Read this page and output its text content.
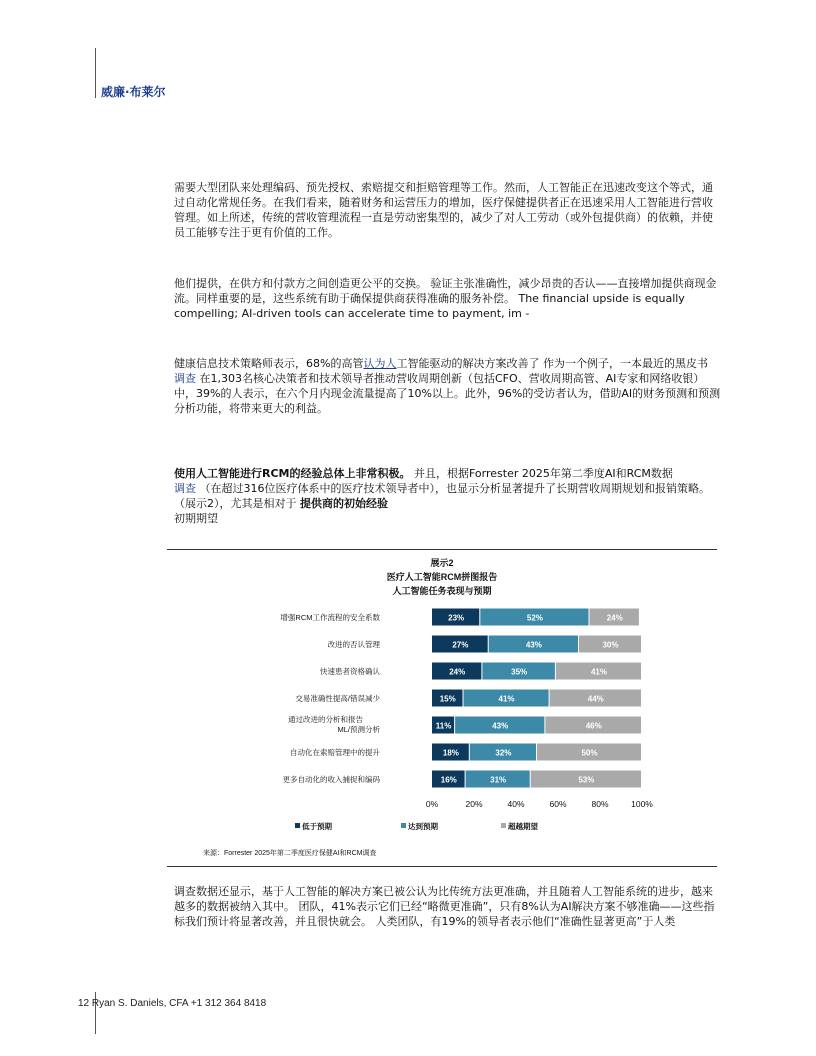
威廉·布莱尔

需要大型团队来处理编码、预先授权、索赔提交和拒赔管理等工作。然而，人工智能正在迅速改变这个等式，通过自动化常规任务。在我们看来，随着财务和运营压力的增加，医疗保健提供者正在迅速采用人工智能进行营收管理。如上所述，传统的营收管理流程一直是劳动密集型的，减少了对人工劳动（或外包提供商）的依赖，并使员工能够专注于更有价值的工作。

他们提供，在供方和付款方之间创造更公平的交换。 验证主张准确性，减少昂贵的否认——直接增加提供商现金流。同样重要的是，这些系统有助于确保提供商获得准确的服务补偿。 The financial upside is equally compelling; AI-driven tools can accelerate time to payment, im -

健康信息技术策略师表示，68%的高管认为人工智能驱动的解决方案改善了 作为一个例子，一本最近的黑皮书

调查 在1,303名核心决策者和技术领导者推动营收周期创新（包括CFO、营收周期高管、AI专家和网络收银）中，39%的人表示，在六个月内现金流量提高了10%以上。此外，96%的受访者认为，借助AI的财务预测和预测分析功能，将带来更大的利益。

使用人工智能进行RCM的经验总体上非常积极。 并且，根据Forrester 2025年第二季度AI和RCM数据

调查 （在超过316位医疗体系中的医疗技术领导者中），也显示分析显著提升了长期营收周期规划和报销策略。（展示2），尤其是相对于 提供商的初始经验

初期期望

展示2
医疗人工智能RCM拼图报告
人工智能任务表现与预期
增强RCM工作流程的安全系数	23%	52%	24%
改进的否认管理	27%	43%	30%
快速患者资格确认	24%	35%	41%
交易准确性提高/错误减少	15%	41%	44%
通过改进的分析和报告
ML/预测分析	11%	43%	46%
自动化在索赔管理中的提升	18%	32%	50%
更多自动化的收入捕捉和编码	16%	31%	53%
0%	20%	40%	60%	80%	100%
低于预期	达到预期	超越期望
来源：Forrester 2025年第二季度医疗保健AI和RCM调查

调查数据还显示，基于人工智能的解决方案已被公认为比传统方法更准确，并且随着人工智能系统的进步，越来越多的数据被纳入其中。 团队，41%表示它们已经“略微更准确”，只有8%认为AI解决方案不够准确——这些指标我们预计将显著改善，并且很快就会。 人类团队，有19%的领导者表示他们“准确性显著更高”于人类

12 Ryan S. Daniels, CFA +1 312 364 8418
